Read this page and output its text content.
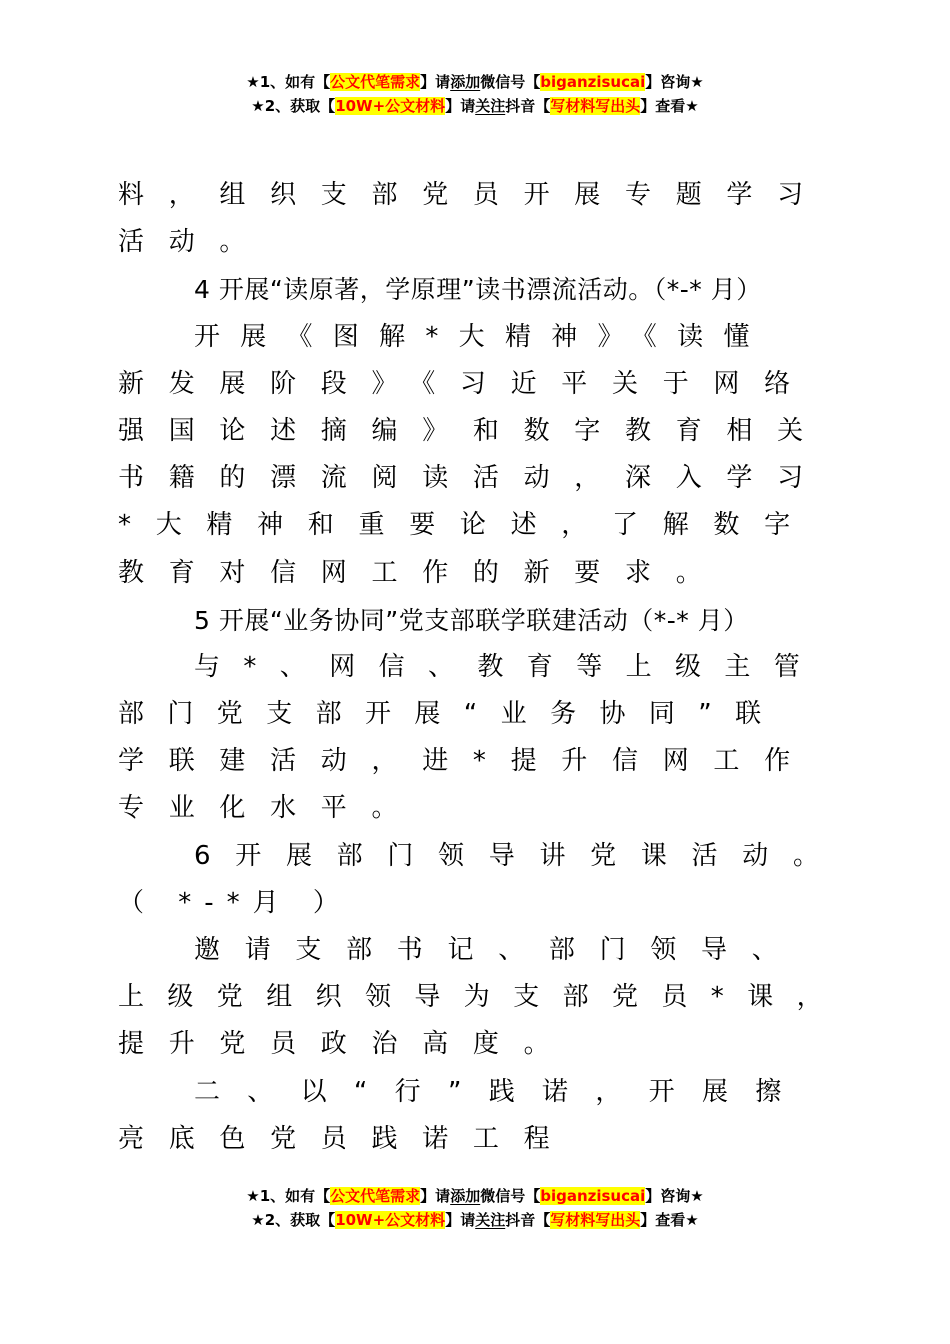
★1、如有【公文代笔需求】请添加微信号【biganzisucai】咨询★
★2、获取【10W+公文材料】请关注抖音【写材料写出头】查看★
料，组织支部党员开展专题学习
活动。
4 开展“读原著，学原理”读书漂流活动。（*-* 月）
开展《图解*大精神》《读懂
新发展阶段》《习近平关于网络
强国论述摘编》和数字教育相关
书籍的漂流阅读活动，深入学习
*大精神和重要论述，了解数字
教育对信网工作的新要求。
5 开展“业务协同”党支部联学联建活动（*-* 月）
与*、网信、教育等上级主管
部门党支部开展“业务协同”联
学联建活动，进*提升信网工作
专业化水平。
6开展部门领导讲党课活动。
（ *-*月 ）
邀请支部书记、部门领导、
上级党组织领导为支部党员*课，
提升党员政治高度。
二、以“行”践诺，开展擦
亮底色党员践诺工程
★1、如有【公文代笔需求】请添加微信号【biganzisucai】咨询★
★2、获取【10W+公文材料】请关注抖音【写材料写出头】查看★
